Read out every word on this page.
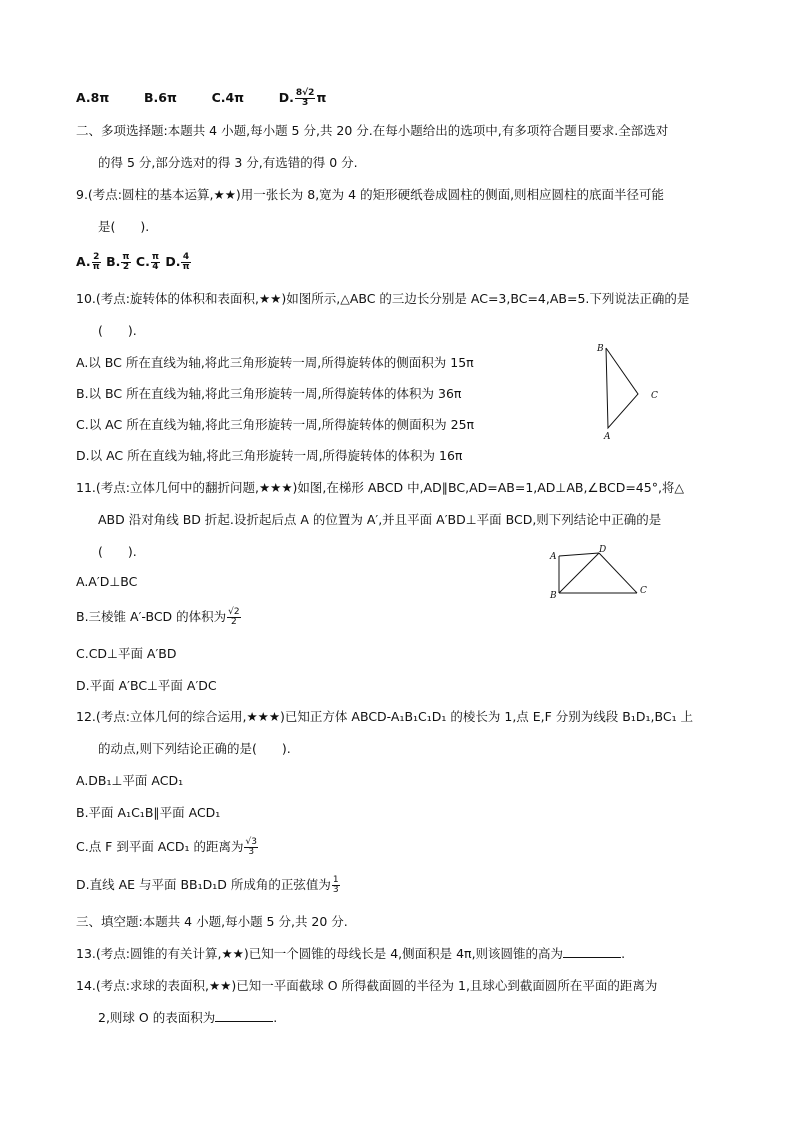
A.8π	B.6π	C.4π	D. $\frac{8√2}{3}$ π
二、多项选择题:本题共 4 小题,每小题 5 分,共 20 分.在每小题给出的选项中,有多项符合题目要求.全部选对
的得 5 分,部分选对的得 3 分,有选错的得 0 分.
9.(考点:圆柱的基本运算,★★)用一张长为 8,宽为 4 的矩形硬纸卷成圆柱的侧面,则相应圆柱的底面半径可能
是(　　).
A. $\frac{2}{\pi} B$. $\frac{\pi}{2} C$. $\frac{\pi}{4} D$. $\frac{4}{\pi}$
10.(考点:旋转体的体积和表面积,★★)如图所示,△ABC 的三边长分别是 AC=3,BC=4,AB=5.下列说法正确的是
(　　).
A.以 BC 所在直线为轴,将此三角形旋转一周,所得旋转体的侧面积为 15π
B.以 BC 所在直线为轴,将此三角形旋转一周,所得旋转体的体积为 36π
C.以 AC 所在直线为轴,将此三角形旋转一周,所得旋转体的侧面积为 25π
D.以 AC 所在直线为轴,将此三角形旋转一周,所得旋转体的体积为 16π
B
C
A
11.(考点:立体几何中的翻折问题,★★★)如图,在梯形 ABCD 中,AD∥BC,AD=AB=1,AD⊥AB,∠BCD=45°,将△
ABD 沿对角线 BD 折起.设折起后点 A 的位置为 A′,并且平面 A′BD⊥平面 BCD,则下列结论中正确的是
(　　).
A.A′D⊥BC
B.三棱锥 A′-BCD 的体积为 $\frac{√2}{2}$
C.CD⊥平面 A′BD
D.平面 A′BC⊥平面 A′DC
A
D
B	C
12.(考点:立体几何的综合运用,★★★)已知正方体 ABCD-A₁B₁C₁D₁ 的棱长为 1,点 E,F 分别为线段 B₁D₁,BC₁ 上
的动点,则下列结论正确的是(　　).
A.DB₁⊥平面 ACD₁
B.平面 A₁C₁B∥平面 ACD₁
C.点 F 到平面 ACD₁ 的距离为 $\frac{√3}{3}$
D.直线 AE 与平面 BB₁D₁D 所成角的正弦值为 $\frac{1}{3}$
三、填空题:本题共 4 小题,每小题 5 分,共 20 分.
13.(考点:圆锥的有关计算,★★)已知一个圆锥的母线长是 4,侧面积是 4π,则该圆锥的高为	.
14.(考点:求球的表面积,★★)已知一平面截球 O 所得截面圆的半径为 1,且球心到截面圆所在平面的距离为
2,则球 O 的表面积为	.
